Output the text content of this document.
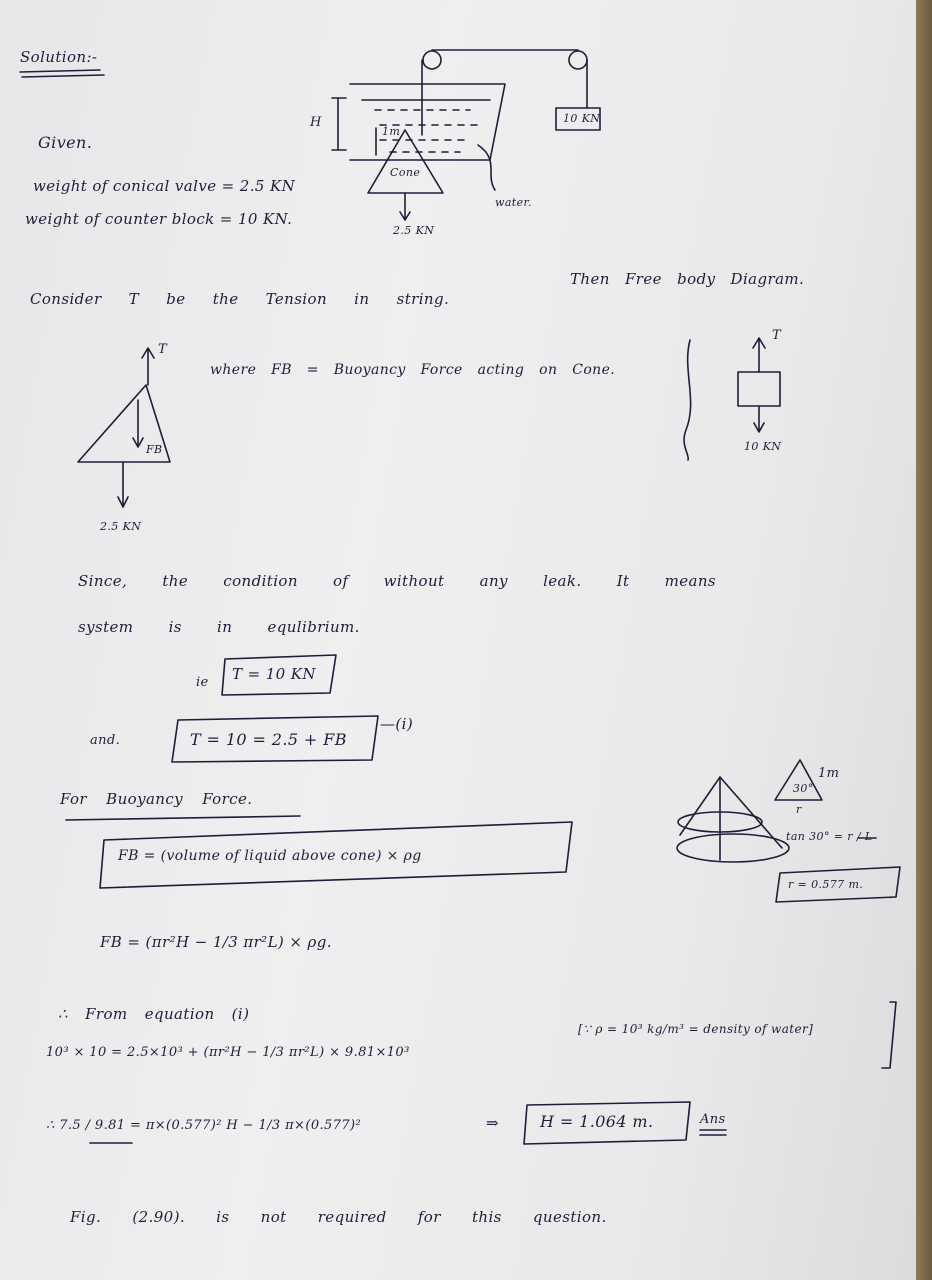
Solution:-
Given.
weight of conical valve = 2.5 KN
weight of counter block = 10 KN.
H
1m
Cone
2.5 KN
water.
10 KN
Consider T be the Tension in string.
Then Free body Diagram.
T
FB
2.5 KN
where FB = Buoyancy Force acting on Cone.
T
10 KN
Since, the condition of without any leak. It means
system is in equlibrium.
ie T = 10 KN
and.	T = 10 = 2.5 + FB
—(i)
For Buoyancy Force.
FB = (volume of liquid above cone) × ρg
FB = (πr²H − 1/3 πr²L) × ρg.
30°
r
1m
tan 30° = r / L
r = 0.577 m.
∴ From equation (i)
10³ × 10 = 2.5×10³ + (πr²H − 1/3 πr²L) × 9.81×10³
[∵ ρ = 10³ kg/m³ = density of water]
∴ 7.5 / 9.81 = π×(0.577)² H − 1/3 π×(0.577)²	⇒	H = 1.064 m.	Ans
Fig. (2.90). is not required for this question.
